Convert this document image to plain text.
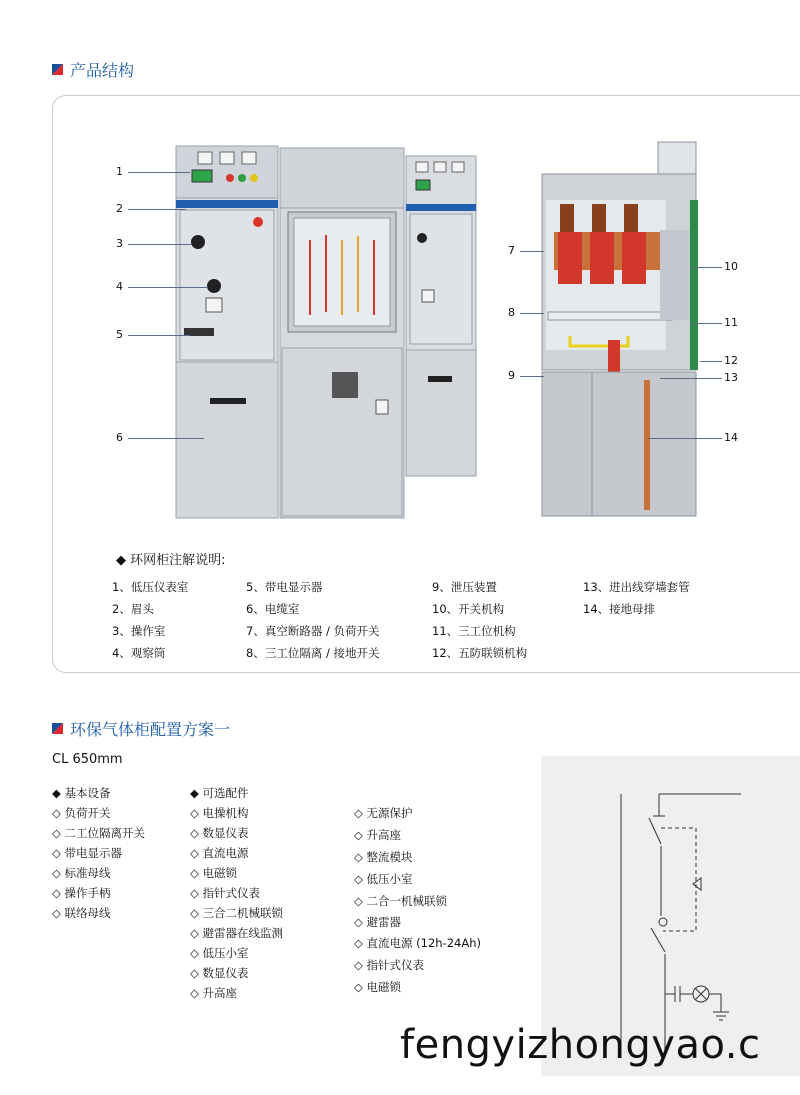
产品结构
1
2
3
4
5
6
7
8
9
10
11
12
13
14
◆ 环网柜注解说明:
1、低压仪表室
2、眉头
3、操作室
4、观察筒
5、带电显示器
6、电缆室
7、真空断路器 / 负荷开关
8、三工位隔离 / 接地开关
9、泄压装置
10、开关机构
11、三工位机构
12、五防联锁机构
13、进出线穿墙套管
14、接地母排
环保气体柜配置方案一
CL 650mm
◆ 基本设备
◇ 负荷开关
◇ 二工位隔离开关
◇ 带电显示器
◇ 标准母线
◇ 操作手柄
◇ 联络母线
◆ 可选配件
◇ 电操机构
◇ 数显仪表
◇ 直流电源
◇ 电磁锁
◇ 指针式仪表
◇ 三合二机械联锁
◇ 避雷器在线监测
◇ 低压小室
◇ 数显仪表
◇ 升高座
◇ 无源保护
◇ 升高座
◇ 整流模块
◇ 低压小室
◇ 二合一机械联锁
◇ 避雷器
◇ 直流电源 (12h-24Ah)
◇ 指针式仪表
◇ 电磁锁
fengyizhongyao.c
